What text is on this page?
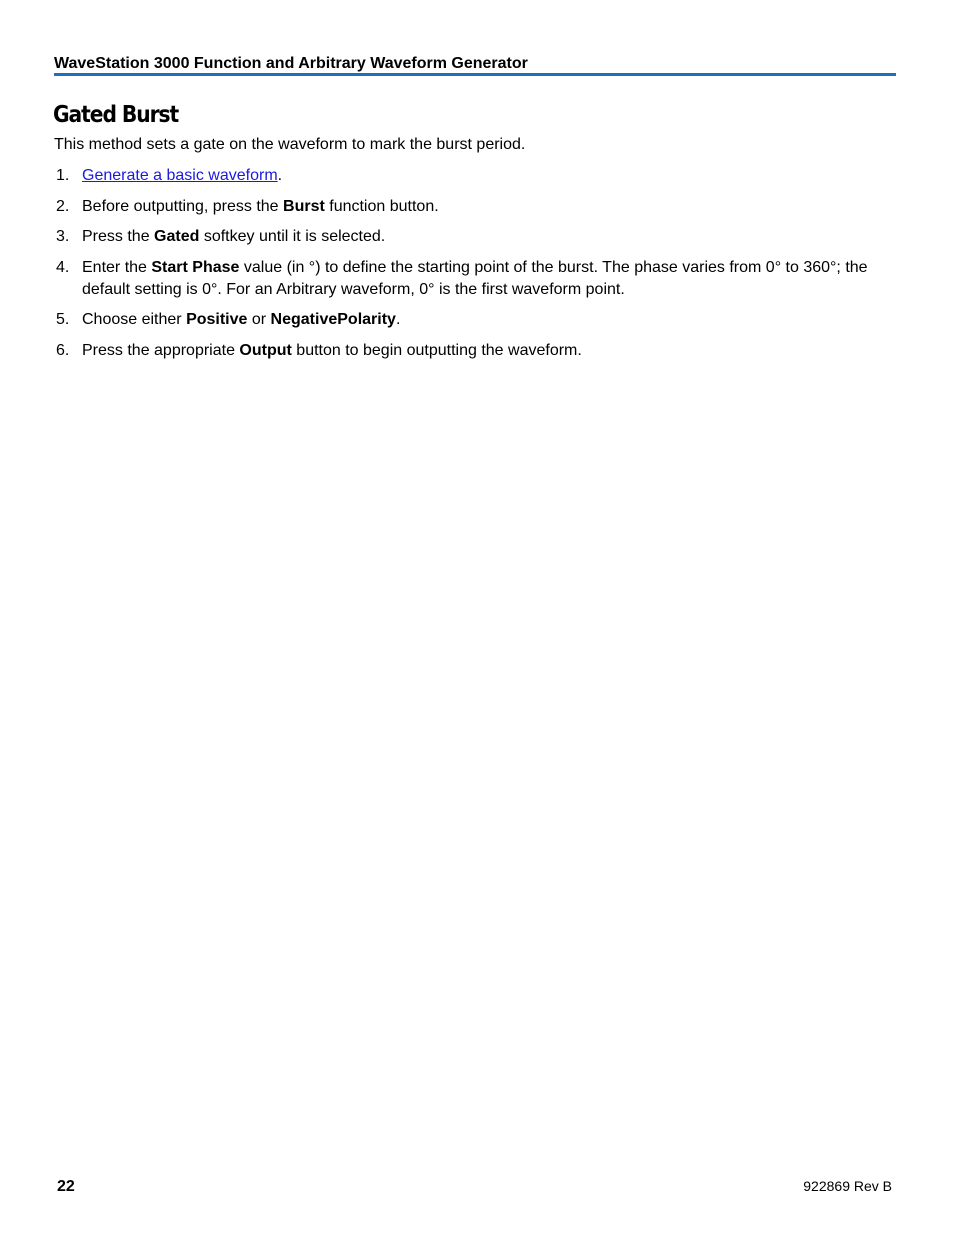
WaveStation 3000 Function and Arbitrary Waveform Generator
Gated Burst

This method sets a gate on the waveform to mark the burst period.

1. Generate a basic waveform.
2. Before outputting, press the Burst function button.
3. Press the Gated softkey until it is selected.
4. Enter the Start Phase value (in °) to define the starting point of the burst. The phase varies from 0° to 360°; the default setting is 0°. For an Arbitrary waveform, 0° is the first waveform point.
5. Choose either Positive or NegativePolarity.
6. Press the appropriate Output button to begin outputting the waveform.
22	922869 Rev B
